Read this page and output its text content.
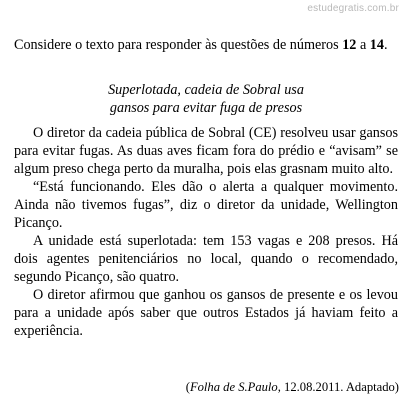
estudegratis.com.br
Considere o texto para responder às questões de números 12 a 14.
Superlotada, cadeia de Sobral usa
gansos para evitar fuga de presos

O diretor da cadeia pública de Sobral (CE) resolveu usar gansos para evitar fugas. As duas aves ficam fora do prédio e “avisam” se algum preso chega perto da muralha, pois elas grasnam muito alto.

“Está funcionando. Eles dão o alerta a qualquer movimento. Ainda não tivemos fugas”, diz o diretor da unidade, Wellington Picanço.

A unidade está superlotada: tem 153 vagas e 208 presos. Há dois agentes penitenciários no local, quando o recomendado, segundo Picanço, são quatro.

O diretor afirmou que ganhou os gansos de presente e os levou para a unidade após saber que outros Estados já haviam feito a experiência.

(Folha de S.Paulo, 12.08.2011. Adaptado)
